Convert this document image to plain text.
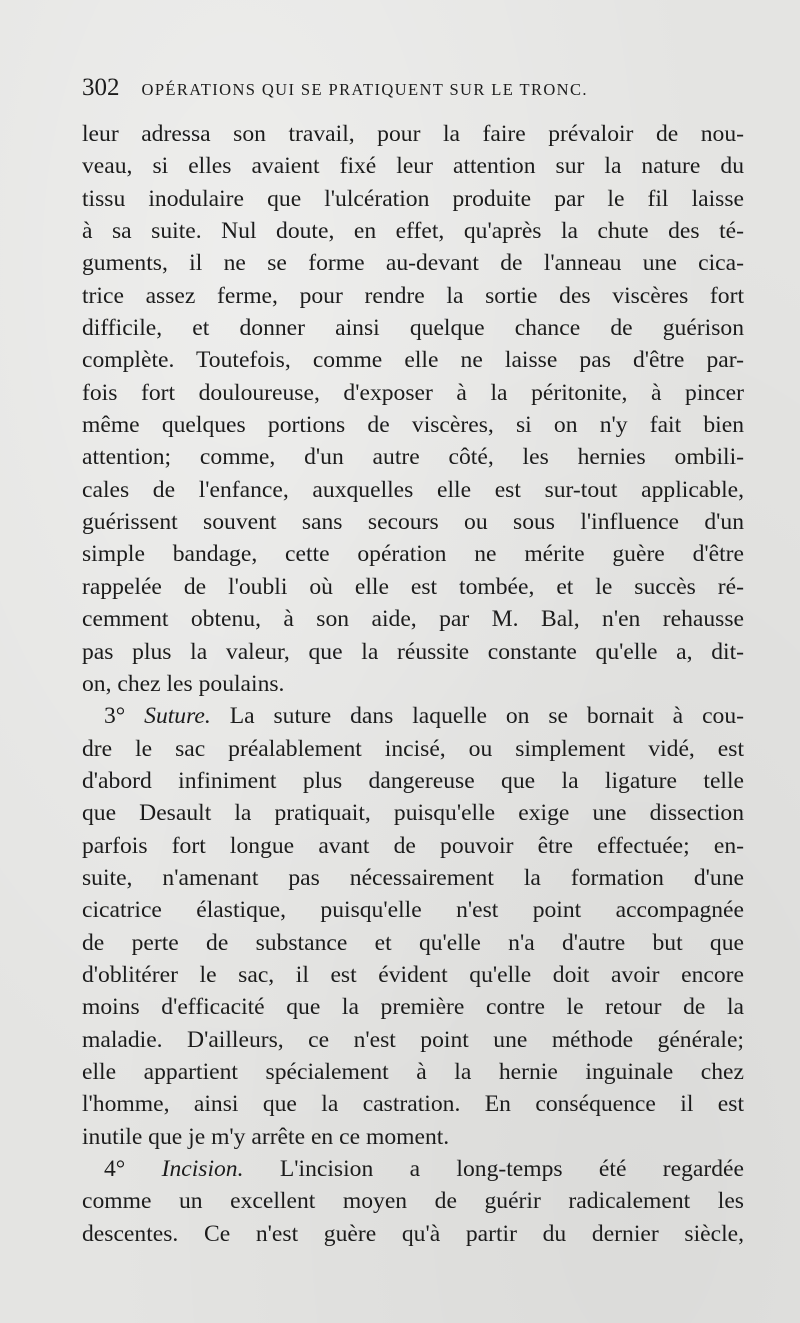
302 OPÉRATIONS QUI SE PRATIQUENT SUR LE TRONC.
leur adressa son travail, pour la faire prévaloir de nou-
veau, si elles avaient fixé leur attention sur la nature du
tissu inodulaire que l'ulcération produite par le fil laisse
à sa suite. Nul doute, en effet, qu'après la chute des té-
guments, il ne se forme au-devant de l'anneau une cica-
trice assez ferme, pour rendre la sortie des viscères fort
difficile, et donner ainsi quelque chance de guérison
complète. Toutefois, comme elle ne laisse pas d'être par-
fois fort douloureuse, d'exposer à la péritonite, à pincer
même quelques portions de viscères, si on n'y fait bien
attention; comme, d'un autre côté, les hernies ombili-
cales de l'enfance, auxquelles elle est sur-tout applicable,
guérissent souvent sans secours ou sous l'influence d'un
simple bandage, cette opération ne mérite guère d'être
rappelée de l'oubli où elle est tombée, et le succès ré-
cemment obtenu, à son aide, par M. Bal, n'en rehausse
pas plus la valeur, que la réussite constante qu'elle a, dit-
on, chez les poulains.
3° Suture. La suture dans laquelle on se bornait à cou-
dre le sac préalablement incisé, ou simplement vidé, est
d'abord infiniment plus dangereuse que la ligature telle
que Desault la pratiquait, puisqu'elle exige une dissection
parfois fort longue avant de pouvoir être effectuée; en-
suite, n'amenant pas nécessairement la formation d'une
cicatrice élastique, puisqu'elle n'est point accompagnée
de perte de substance et qu'elle n'a d'autre but que
d'oblitérer le sac, il est évident qu'elle doit avoir encore
moins d'efficacité que la première contre le retour de la
maladie. D'ailleurs, ce n'est point une méthode générale;
elle appartient spécialement à la hernie inguinale chez
l'homme, ainsi que la castration. En conséquence il est
inutile que je m'y arrête en ce moment.
4° Incision. L'incision a long-temps été regardée
comme un excellent moyen de guérir radicalement les
descentes. Ce n'est guère qu'à partir du dernier siècle,
